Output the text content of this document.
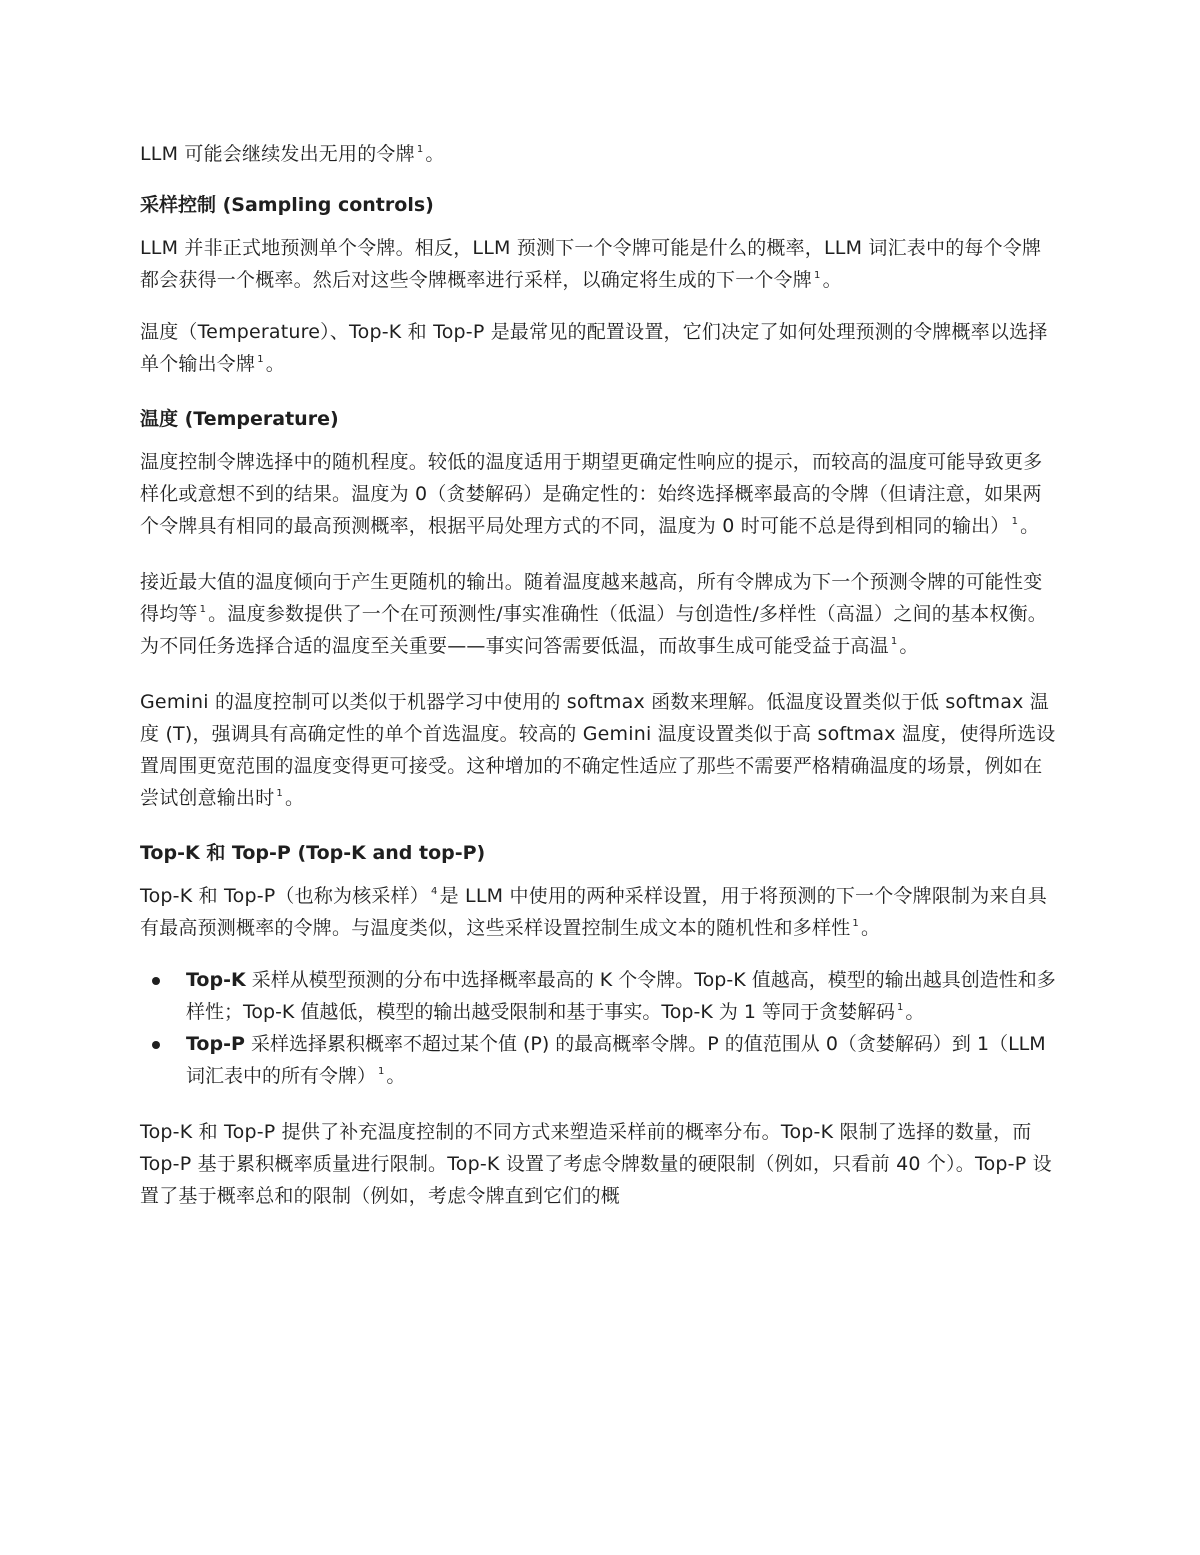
LLM 可能会继续发出无用的令牌 $^1$ 。

采样控制 (Sampling controls)

LLM 并非正式地预测单个令牌。相反，LLM 预测下一个令牌可能是什么的概率，LLM 词汇表中的每个令牌都会获得一个概率。然后对这些令牌概率进行采样，以确定将生成的下一个令牌 $^1$ 。

温度（Temperature）、Top-K 和 Top-P 是最常见的配置设置，它们决定了如何处理预测的令牌概率以选择单个输出令牌 $^1$ 。

温度 (Temperature)

温度控制令牌选择中的随机程度。较低的温度适用于期望更确定性响应的提示，而较高的温度可能导致更多样化或意想不到的结果。温度为 0（贪婪解码）是确定性的：始终选择概率最高的令牌（但请注意，如果两个令牌具有相同的最高预测概率，根据平局处理方式的不同，温度为 0 时可能不总是得到相同的输出） $^1$ 。

接近最大值的温度倾向于产生更随机的输出。随着温度越来越高，所有令牌成为下一个预测令牌的可能性变得均等 $^1$ 。温度参数提供了一个在可预测性/事实准确性（低温）与创造性/多样性（高温）之间的基本权衡。为不同任务选择合适的温度至关重要——事实问答需要低温，而故事生成可能受益于高温 $^1$ 。

Gemini 的温度控制可以类似于机器学习中使用的 softmax 函数来理解。低温度设置类似于低 softmax 温度 (T)，强调具有高确定性的单个首选温度。较高的 Gemini 温度设置类似于高 softmax 温度，使得所选设置周围更宽范围的温度变得更可接受。这种增加的不确定性适应了那些不需要严格精确温度的场景，例如在尝试创意输出时 $^1$ 。

Top-K 和 Top-P (Top-K and top-P)

Top-K 和 Top-P（也称为核采样） $^4$ 是 LLM 中使用的两种采样设置，用于将预测的下一个令牌限制为来自具有最高预测概率的令牌。与温度类似，这些采样设置控制生成文本的随机性和多样性 $^1$ 。

Top-K 采样从模型预测的分布中选择概率最高的 K 个令牌。Top-K 值越高，模型的输出越具创造性和多样性；Top-K 值越低，模型的输出越受限制和基于事实。Top-K 为 1 等同于贪婪解码 $^1$ 。
Top-P 采样选择累积概率不超过某个值 (P) 的最高概率令牌。P 的值范围从 0（贪婪解码）到 1（LLM 词汇表中的所有令牌） $^1$ 。

Top-K 和 Top-P 提供了补充温度控制的不同方式来塑造采样前的概率分布。Top-K 限制了选择的数量，而 Top-P 基于累积概率质量进行限制。Top-K 设置了考虑令牌数量的硬限制（例如，只看前 40 个）。Top-P 设置了基于概率总和的限制（例如，考虑令牌直到它们的概
